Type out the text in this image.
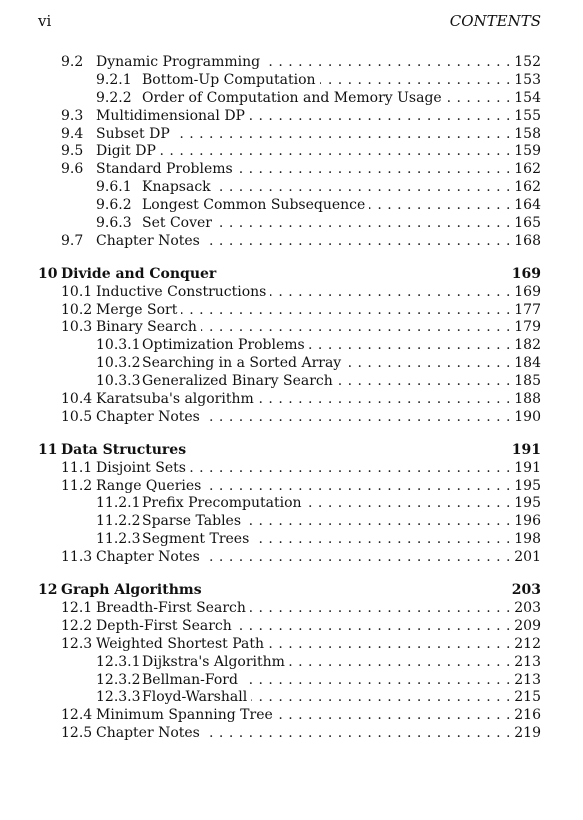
vi	CONTENTS
9.2 . . . Dynamic Programming	152
9.2.1 . . . Bottom-Up Computation	153
9.2.2 . . . Order of Computation and Memory Usage	154
9.3 . . . Multidimensional DP	155
9.4 . . . Subset DP	158
9.5 . . . Digit DP	159
9.6 . . . Standard Problems	162
9.6.1 . . . Knapsack	162
9.6.2 . . . Longest Common Subsequence	164
9.6.3 . . . Set Cover	165
9.7 . . . Chapter Notes	168
10 Divide and Conquer	169
10.1 . . . Inductive Constructions	169
10.2 . . . Merge Sort	177
10.3 . . . Binary Search	179
10.3.1 . . . Optimization Problems	182
10.3.2 . . . Searching in a Sorted Array	184
10.3.3 . . . Generalized Binary Search	185
10.4 . . . Karatsuba's algorithm	188
10.5 . . . Chapter Notes	190
11 Data Structures	191
11.1 . . . Disjoint Sets	191
11.2 . . . Range Queries	195
11.2.1 . . . Prefix Precomputation	195
11.2.2 . . . Sparse Tables	196
11.2.3 . . . Segment Trees	198
11.3 . . . Chapter Notes	201
12 Graph Algorithms	203
12.1 . . . Breadth-First Search	203
12.2 . . . Depth-First Search	209
12.3 . . . Weighted Shortest Path	212
12.3.1 . . . Dijkstra's Algorithm	213
12.3.2 . . . Bellman-Ford	213
12.3.3 . . . Floyd-Warshall	215
12.4 . . . Minimum Spanning Tree	216
12.5 . . . Chapter Notes	219
